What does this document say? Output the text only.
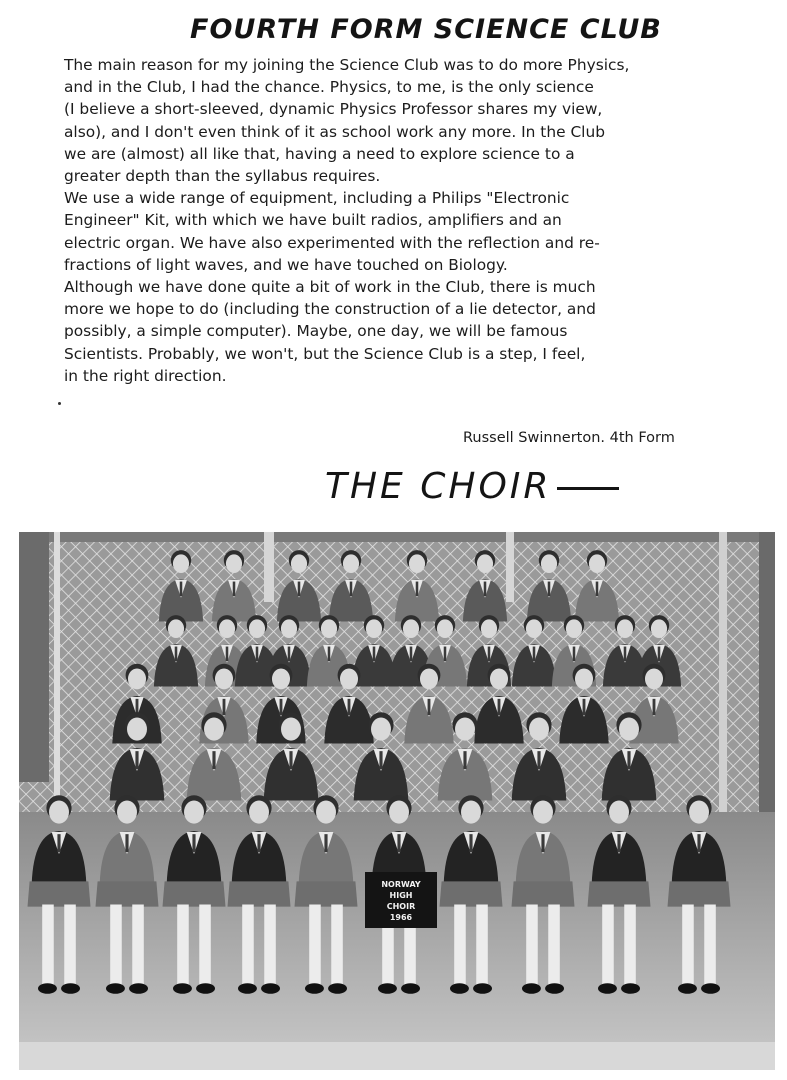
FOURTH FORM SCIENCE CLUB

The main reason for my joining the Science Club was to do more Physics,

and in the Club, I had the chance. Physics, to me, is the only science

(I believe a short-sleeved, dynamic Physics Professor shares my view,

also), and I don't even think of it as school work any more. In the Club

we are (almost) all like that, having a need to explore science to a

greater depth than the syllabus requires.

We use a wide range of equipment, including a Philips "Electronic

Engineer" Kit, with which we have built radios, amplifiers and an

electric organ. We have also experimented with the reflection and re-

fractions of light waves, and we have touched on Biology.

Although we have done quite a bit of work in the Club, there is much

more we hope to do (including the construction of a lie detector, and

possibly, a simple computer). Maybe, one day, we will be famous

Scientists. Probably, we won't, but the Science Club is a step, I feel,

in the right direction.

Russell Swinnerton. 4th Form
THE CHOIR
NORWAY
HIGH
CHOIR
1966
